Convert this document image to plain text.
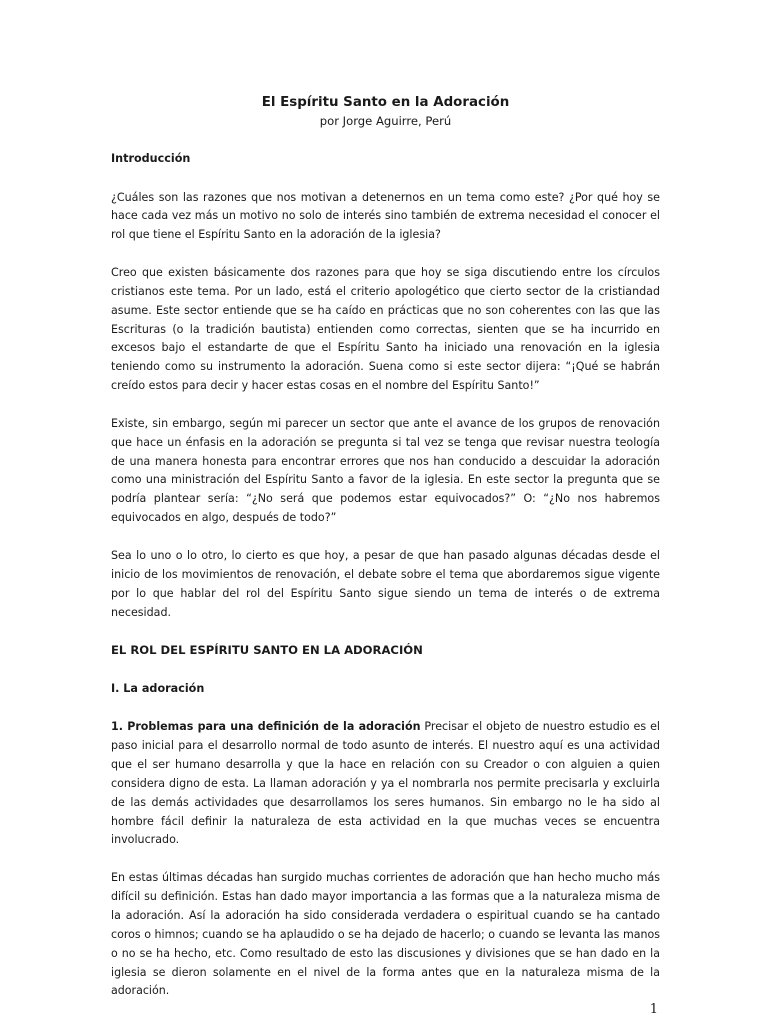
El Espíritu Santo en la Adoración
por Jorge Aguirre, Perú
Introducción

¿Cuáles son las razones que nos motivan a detenernos en un tema como este? ¿Por qué hoy se hace cada vez más un motivo no solo de interés sino también de extrema necesidad el conocer el rol que tiene el Espíritu Santo en la adoración de la iglesia?

Creo que existen básicamente dos razones para que hoy se siga discutiendo entre los círculos cristianos este tema. Por un lado, está el criterio apologético que cierto sector de la cristiandad asume. Este sector entiende que se ha caído en prácticas que no son coherentes con las que las Escrituras (o la tradición bautista) entienden como correctas, sienten que se ha incurrido en excesos bajo el estandarte de que el Espíritu Santo ha iniciado una renovación en la iglesia teniendo como su instrumento la adoración. Suena como si este sector dijera: “¡Qué se habrán creído estos para decir y hacer estas cosas en el nombre del Espíritu Santo!”

Existe, sin embargo, según mi parecer un sector que ante el avance de los grupos de renovación que hace un énfasis en la adoración se pregunta si tal vez se tenga que revisar nuestra teología de una manera honesta para encontrar errores que nos han conducido a descuidar la adoración como una ministración del Espíritu Santo a favor de la iglesia. En este sector la pregunta que se podría plantear sería: “¿No será que podemos estar equivocados?” O: “¿No nos habremos equivocados en algo, después de todo?”

Sea lo uno o lo otro, lo cierto es que hoy, a pesar de que han pasado algunas décadas desde el inicio de los movimientos de renovación, el debate sobre el tema que abordaremos sigue vigente por lo que hablar del rol del Espíritu Santo sigue siendo un tema de interés o de extrema necesidad.

EL ROL DEL ESPÍRITU SANTO EN LA ADORACIÓN
I. La adoración

1. Problemas para una definición de la adoración Precisar el objeto de nuestro estudio es el paso inicial para el desarrollo normal de todo asunto de interés. El nuestro aquí es una actividad que el ser humano desarrolla y que la hace en relación con su Creador o con alguien a quien considera digno de esta. La llaman adoración y ya el nombrarla nos permite precisarla y excluirla de las demás actividades que desarrollamos los seres humanos. Sin embargo no le ha sido al hombre fácil definir la naturaleza de esta actividad en la que muchas veces se encuentra involucrado.

En estas últimas décadas han surgido muchas corrientes de adoración que han hecho mucho más difícil su definición. Estas han dado mayor importancia a las formas que a la naturaleza misma de la adoración. Así la adoración ha sido considerada verdadera o espiritual cuando se ha cantado coros o himnos; cuando se ha aplaudido o se ha dejado de hacerlo; o cuando se levanta las manos o no se ha hecho, etc. Como resultado de esto las discusiones y divisiones que se han dado en la iglesia se dieron solamente en el nivel de la forma antes que en la naturaleza misma de la adoración.

1
